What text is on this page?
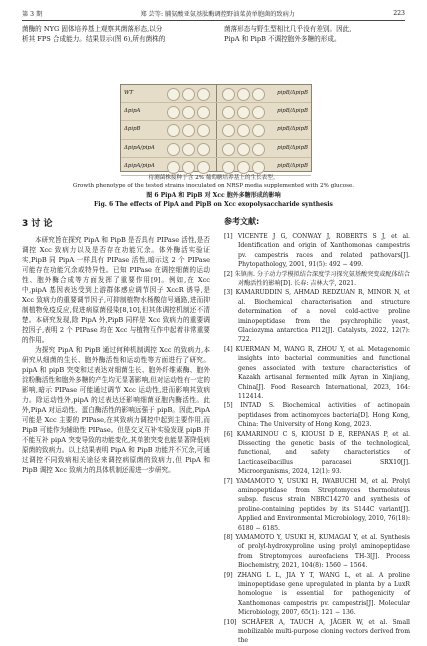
第 3 期	郑 芸等: 脯氨酸亚氨基肽酶调控野油菜黄单胞菌的致病力	223

菌酶的 NYG 固体培养基上观察其菌落形态,以分

析其 FPS 合成能力。结果显示(图 6),所有菌株的

菌落形态与野生型相比几乎没有差别。因此,

PipA 和 PipB 不调控胞外多糖的形成。

WT
ΔpipA
ΔpipB
ΔpipA/pipA
ΔpipA/pipA
pipB/ΔpipB
pipB/ΔpipB
pipB/ΔpipB
pipB/ΔpipB
pipB/ΔpipB
待测菌株接种于含 2% 葡萄糖培养基上的生长表型。
Growth phenotype of the tested strains inoculated on NRSP media supplemented with 2% glucose.
图 6 PipA 和 PipB 对 Xcc 胞外多糖形成的影响
Fig. 6 The effects of PipA and PipB on Xcc exopolysaccharide synthesis
3 讨 论

本研究旨在探究 PipA 和 PipB 是否具有 PIPase 活性,是否调控 Xcc 致病力以及是否存在功能冗余。体外酶活实验证实,PipB 同 PipA 一样具有 PIPase 活性,暗示这 2 个 PIPase 可能存在功能冗余或特异性。已知 PIPase 在调控细菌的运动性、胞外酶合成等方面发挥了重要作用[9]。例如,在 Xcc 中,pipA 基因表达受到上游群体感应调节因子 XccR 诱导,是 Xcc 致病力的重要调节因子,可抑制植物水杨酸信号通路,进而抑制植物免疫反应,促进病原菌侵染[8,10],但其体调控机制还不清楚。本研究发现,除 PipA 外,PipB 同样是 Xcc 致病力的重要调控因子,表明 2 个 PIPase 均在 Xcc 与植物互作中起着非常重要的作用。

为探究 PipA 和 PipB 通过何种机制调控 Xcc 的致病力,本研究从细菌的生长、胞外酶活性和运动性等方面进行了研究。pipA 和 pipB 突变和过表达对细菌生长、胞外纤维素酶、胞外淀粉酶活性和胞外多糖的产生均无显著影响,但对运动性有一定的影响,暗示 PIPase 可能通过调节 Xcc 运动性,进而影响其致病力。除运动性外,pipA 的过表达还影响细菌亚胞内酶活性。此外,PipA 对运动性、蛋白酶活性的影响远强于 pipB。因此,PipA 可能是 Xcc 主要的 PIPase,在其致病力调控中起到主要作用,而 PipB 可能作为辅助性 PIPase。但是交叉互补实验发现 pipB 并不能互补 pipA 突变导致的功能变化,其单独突变也能显著降低病原菌的致病力。以上结果表明 PipA 和 PipB 功能并不冗余,可通过调控不同致病相关途径来调控病原菌的致病力,但 PipA 和 PipB 调控 Xcc 致病力的具体机制还需进一步研究。

参考文献:

[1] VICENTE J G, CONWAY J, ROBERTS S J, et al. Identification and origin of Xanthomonas campestris pv. campestris races and related pathovars[J]. Phytopathology, 2001, 91(5): 492 − 499.

[2] 朱镇南. 分子动力学模拟结合深度学习探究氨基酸突变或配体结合对酶活性的影响[D]. 长春: 吉林大学, 2021.

[3] KAMARUDDIN S, AHMAD REDZUAN R, MINOR N, et al. Biochemical characterisation and structure determination of a novel cold-active proline iminopeptidase from the psychrophilic yeast, Glaciozyma antarctica PI12[J]. Catalysts, 2022, 12(7): 722.

[4] KUERMAN M, WANG R, ZHOU Y, et al. Metagenomic insights into bacterial communities and functional genes associated with texture characteristics of Kazakh artisanal fermented milk Ayran in Xinjiang, China[J]. Food Research International, 2023, 164: 112414.

[5] INTAD S. Biochemical activities of actinopain peptidases from actinomyces bacteria[D]. Hong Kong, China: The University of Hong Kong, 2023.

[6] KAMARINOU C S, KIOUSI D E, REPANAS P, et al. Dissecting the genetic basis of the technological, functional, and safety characteristics of Lacticaseibacillus paracasei SRX10[J]. Microorganisms, 2024, 12(1): 93.

[7] YAMAMOTO Y, USUKI H, IWABUCHI M, et al. Prolyl aminopeptidase from Streptomyces thermoluteus subsp. fuscus strain NBRC14270 and synthesis of proline-containing peptides by its S144C variant[J]. Applied and Environmental Microbiology, 2010, 76(18): 6180 − 6185.

[8] YAMAMOTO Y, USUKI H, KUMAGAI Y, et al. Synthesis of prolyl-hydroxyproline using prolyl aminopeptidase from Streptomyces aureofaciens TH-3[J]. Process Biochemistry, 2021, 104(8): 1560 − 1564.

[9] ZHANG L L, JIA Y T, WANG L, et al. A proline iminopeptidase gene upregulated in planta by a LuxR homologue is essential for pathogenicity of Xanthomonas campestris pv. campestris[J]. Molecular Microbiology, 2007, 65(1): 121 − 136.

[10] SCHÄFER A, TAUCH A, JÄGER W, et al. Small mobilizable multi-purpose cloning vectors derived from the
